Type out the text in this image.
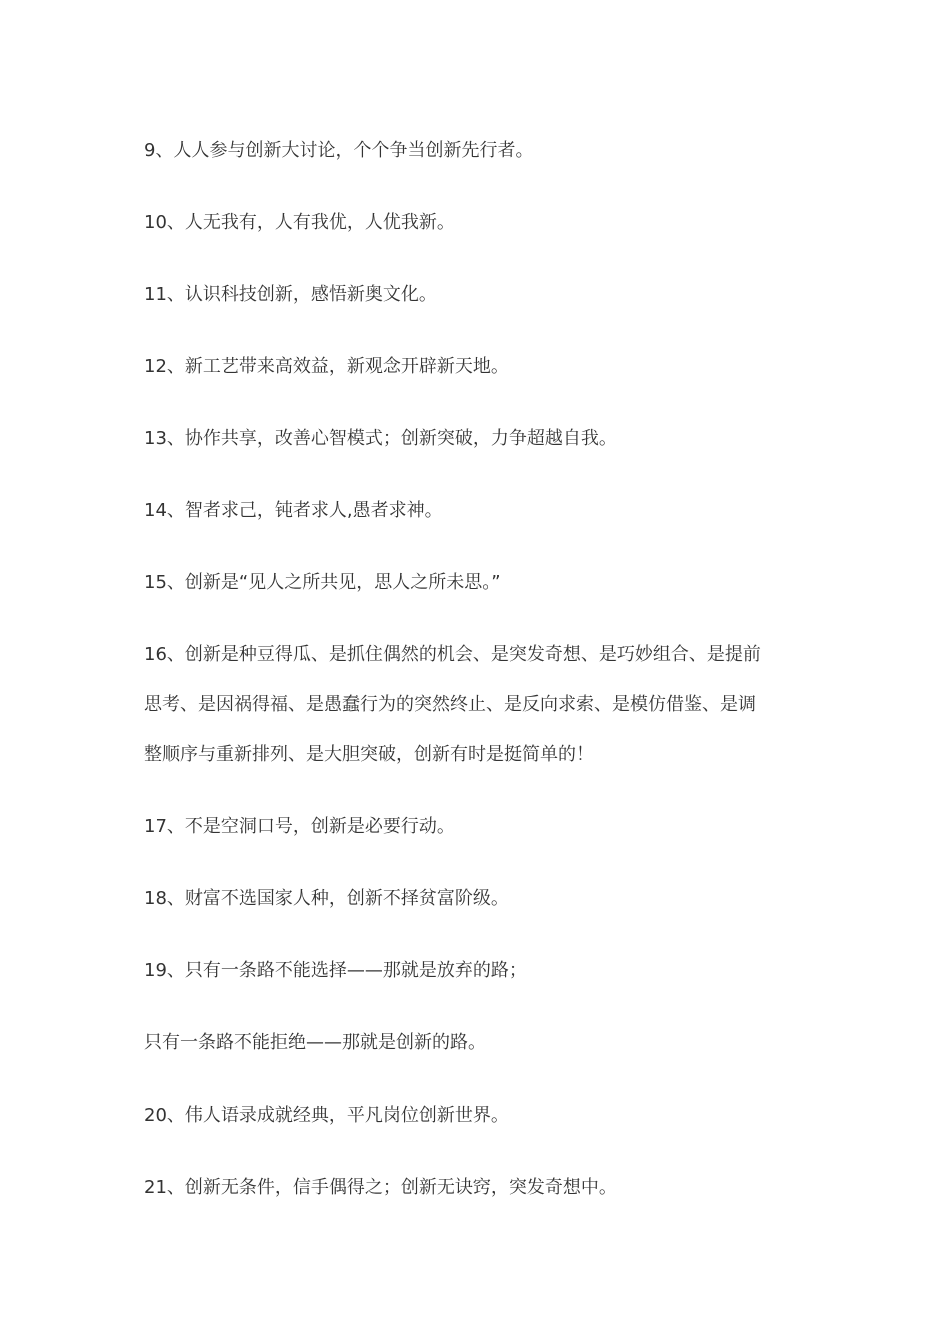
9、人人参与创新大讨论，个个争当创新先行者。

10、人无我有，人有我优，人优我新。

11、认识科技创新，感悟新奥文化。

12、新工艺带来高效益，新观念开辟新天地。

13、协作共享，改善心智模式；创新突破，力争超越自我。

14、智者求己，钝者求人,愚者求神。

15、创新是“见人之所共见，思人之所未思。”

16、创新是种豆得瓜、是抓住偶然的机会、是突发奇想、是巧妙组合、是提前
思考、是因祸得福、是愚蠢行为的突然终止、是反向求索、是模仿借鉴、是调
整顺序与重新排列、是大胆突破，创新有时是挺简单的！

17、不是空洞口号，创新是必要行动。

18、财富不选国家人种，创新不择贫富阶级。

19、只有一条路不能选择——那就是放弃的路；

只有一条路不能拒绝——那就是创新的路。

20、伟人语录成就经典，平凡岗位创新世界。

21、创新无条件，信手偶得之；创新无诀窍，突发奇想中。
